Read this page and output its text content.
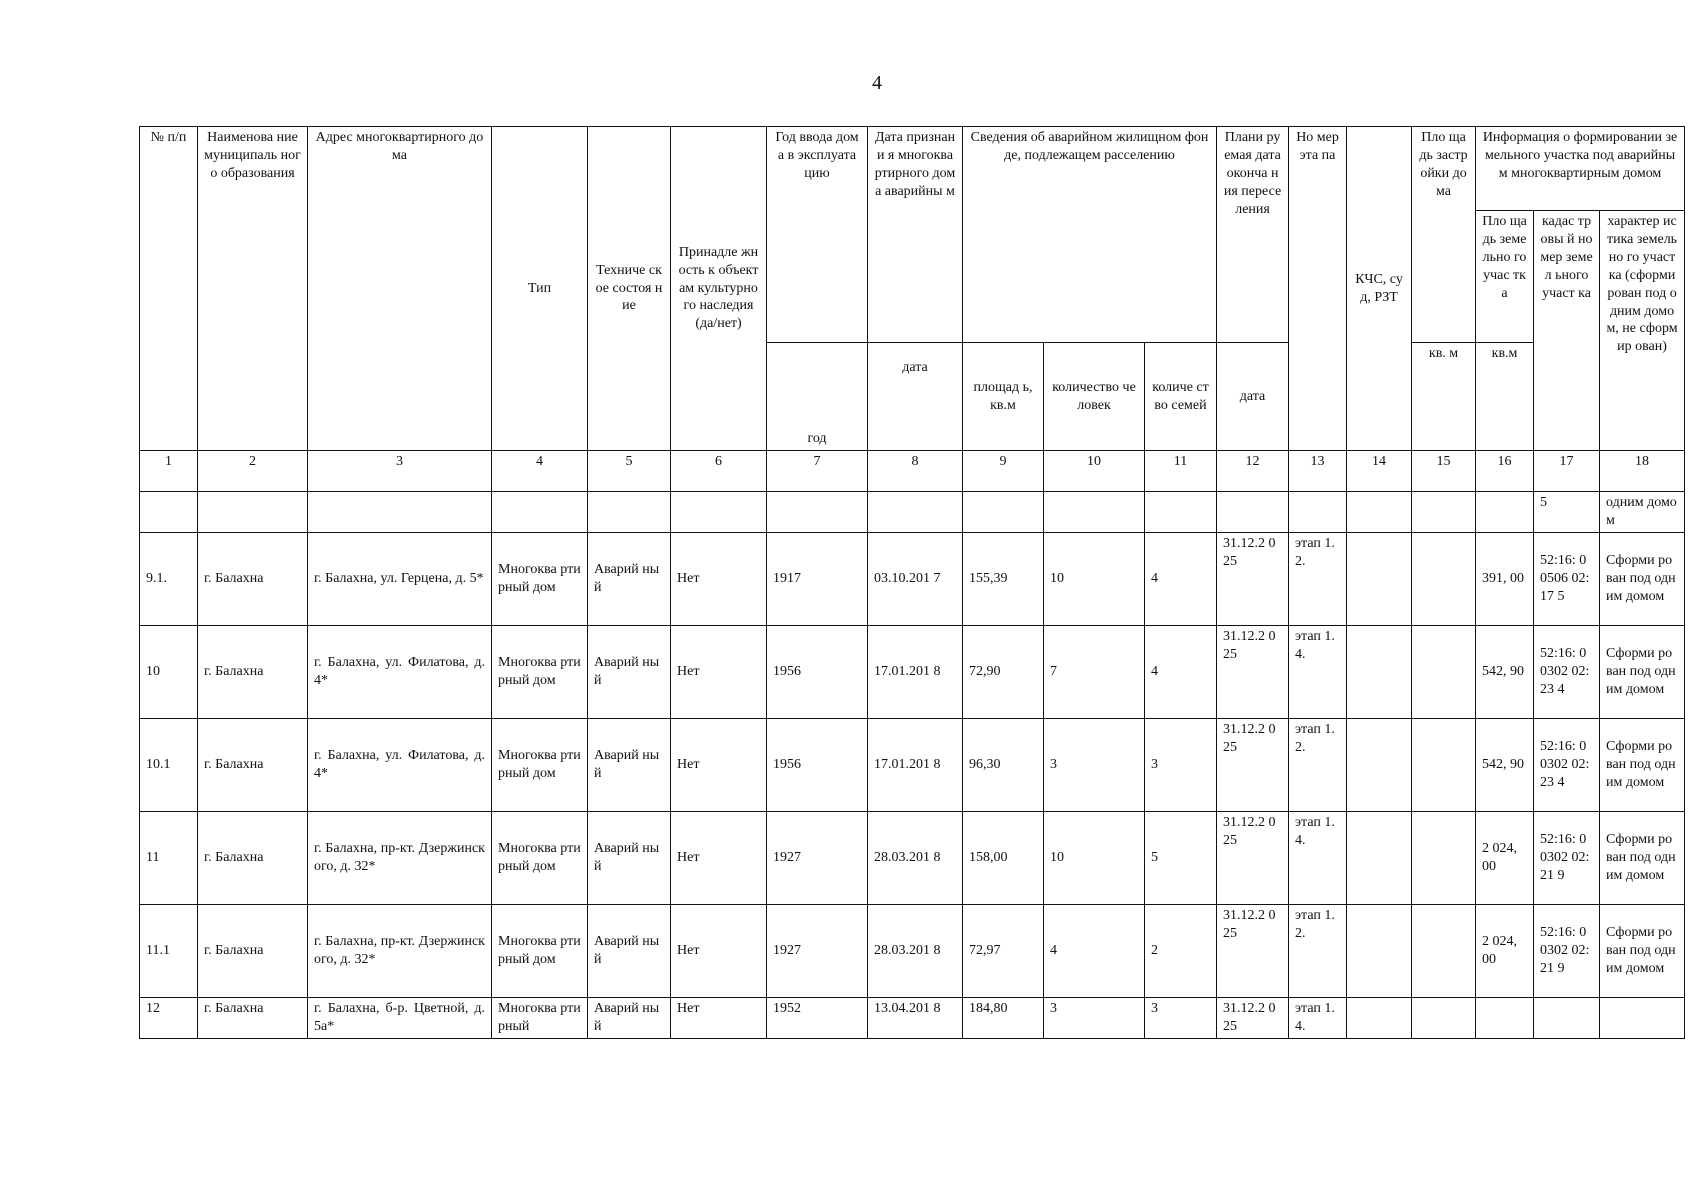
4
№ п/п	Наименова ние муниципаль ного образования	Адрес многоквартирного дома	Тип	Техниче ское состоя ние	Принадле жность к объектам культурно го наследия (да/нет)	Год ввода дома в эксплуата цию	Дата признани я многоква ртирного дома аварийны м	Сведения об аварийном жилищном фонде, подлежащем расселению			Плани руемая дата оконча ния пересе ления	Но мер эта па	КЧС, суд, РЗТ	Пло щадь застр ойки дома	Информация о формировании земельного участка под аварийным многоквартирным домом		
															Пло щадь земе льно го учас тка	кадас тровы й номер земел ьного участ ка	характер истика земельно го участка (сформи рован под одним домом, не сформир ован)
						год	дата	площад ь, кв.м	количество человек	количе ство семей	дата			кв. м	кв.м		
1	2	3	4	5	6	7	8	9	10	11	12	13	14	15	16	17	18
																5	одним домом
9.1.	г. Балахна	г. Балахна, ул. Герцена, д. 5*	Многоква ртирный дом	Аварий ный	Нет	1917	03.10.201 7	155,39	10	4	31.12.2 025	этап 1.2.			391, 00	52:16: 00506 02:17 5	Сформи рован под одним домом
10	г. Балахна	г. Балахна, ул. Филатова, д. 4*	Многоква ртирный дом	Аварий ный	Нет	1956	17.01.201 8	72,90	7	4	31.12.2 025	этап 1.4.			542, 90	52:16: 00302 02:23 4	Сформи рован под одним домом
10.1	г. Балахна	г. Балахна, ул. Филатова, д. 4*	Многоква ртирный дом	Аварий ный	Нет	1956	17.01.201 8	96,30	3	3	31.12.2 025	этап 1.2.			542, 90	52:16: 00302 02:23 4	Сформи рован под одним домом
11	г. Балахна	г. Балахна, пр-кт. Дзержинского, д. 32*	Многоква ртирный дом	Аварий ный	Нет	1927	28.03.201 8	158,00	10	5	31.12.2 025	этап 1.4.			2 024, 00	52:16: 00302 02:21 9	Сформи рован под одним домом
11.1	г. Балахна	г. Балахна, пр-кт. Дзержинского, д. 32*	Многоква ртирный дом	Аварий ный	Нет	1927	28.03.201 8	72,97	4	2	31.12.2 025	этап 1.2.			2 024, 00	52:16: 00302 02:21 9	Сформи рован под одним домом
12	г. Балахна	г. Балахна, б-р. Цветной, д. 5а*	Многоква ртирный	Аварий ный	Нет	1952	13.04.201 8	184,80	3	3	31.12.2 025	этап 1.4.					
